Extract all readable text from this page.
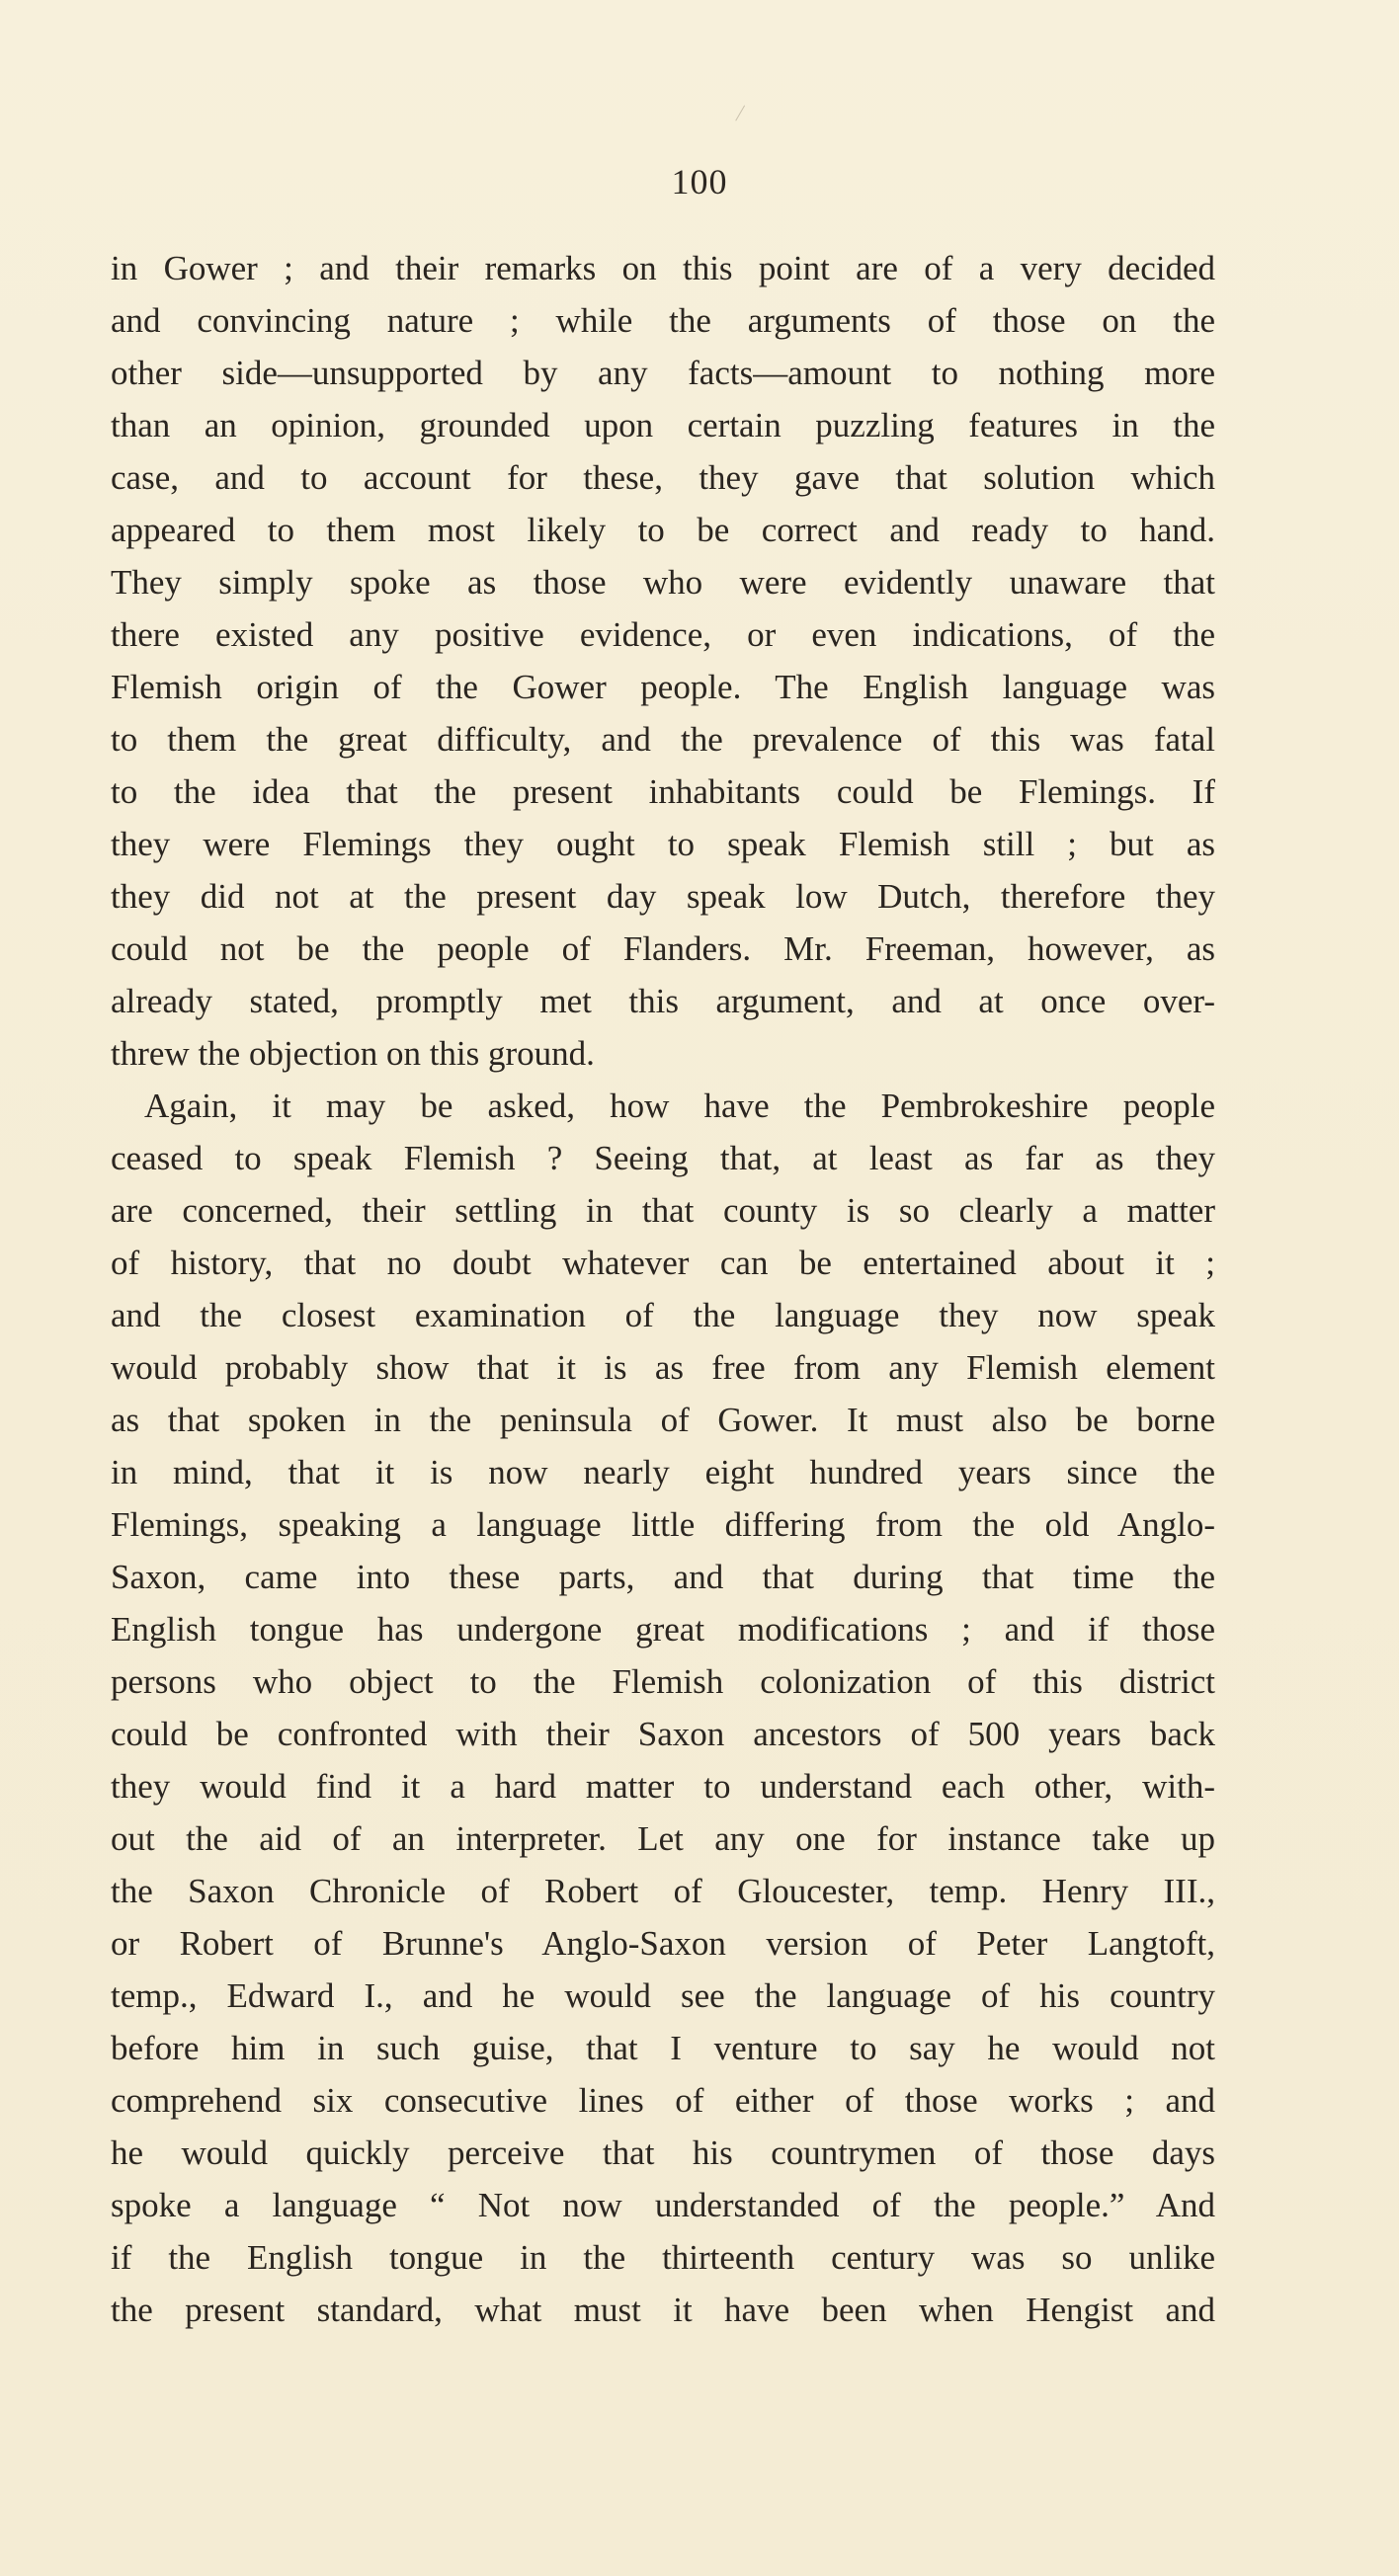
100
in Gower ; and their remarks on this point are of a very decided
and convincing nature ; while the arguments of those on the
other side—unsupported by any facts—amount to nothing more
than an opinion, grounded upon certain puzzling features in the
case, and to account for these, they gave that solution which
appeared to them most likely to be correct and ready to hand.
They simply spoke as those who were evidently unaware that
there existed any positive evidence, or even indications, of the
Flemish origin of the Gower people. The English language was
to them the great difficulty, and the prevalence of this was fatal
to the idea that the present inhabitants could be Flemings. If
they were Flemings they ought to speak Flemish still ; but as
they did not at the present day speak low Dutch, therefore they
could not be the people of Flanders. Mr. Freeman, however, as
already stated, promptly met this argument, and at once over-
threw the objection on this ground.
Again, it may be asked, how have the Pembrokeshire people
ceased to speak Flemish ? Seeing that, at least as far as they
are concerned, their settling in that county is so clearly a matter
of history, that no doubt whatever can be entertained about it ;
and the closest examination of the language they now speak
would probably show that it is as free from any Flemish element
as that spoken in the peninsula of Gower. It must also be borne
in mind, that it is now nearly eight hundred years since the
Flemings, speaking a language little differing from the old Anglo-
Saxon, came into these parts, and that during that time the
English tongue has undergone great modifications ; and if those
persons who object to the Flemish colonization of this district
could be confronted with their Saxon ancestors of 500 years back
they would find it a hard matter to understand each other, with-
out the aid of an interpreter. Let any one for instance take up
the Saxon Chronicle of Robert of Gloucester, temp. Henry III.,
or Robert of Brunne's Anglo-Saxon version of Peter Langtoft,
temp., Edward I., and he would see the language of his country
before him in such guise, that I venture to say he would not
comprehend six consecutive lines of either of those works ; and
he would quickly perceive that his countrymen of those days
spoke a language “ Not now understanded of the people.” And
if the English tongue in the thirteenth century was so unlike
the present standard, what must it have been when Hengist and
